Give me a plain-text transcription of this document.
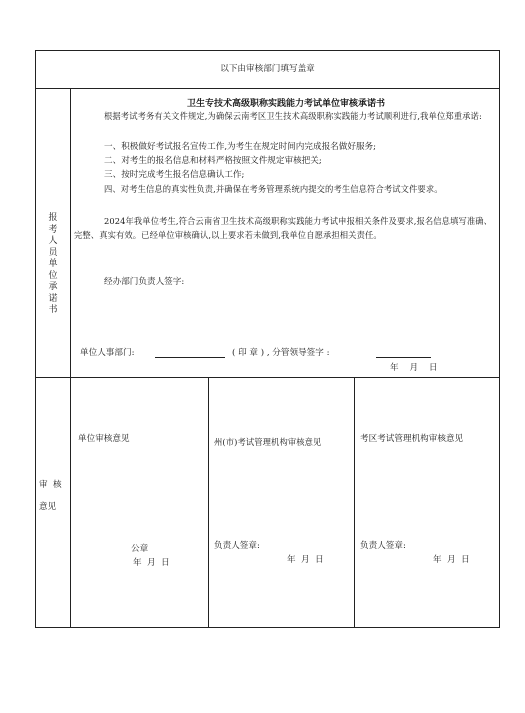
以下由审核部门填写盖章
报考人员单位承诺书
卫生专技术高级职称实践能力考试单位审核承诺书
根据考试考务有关文件规定,为确保云南考区卫生技术高级职称实践能力考试顺利进行,我单位郑重承诺:
一、积极做好考试报名宣传工作,为考生在规定时间内完成报名做好服务;
二、对考生的报名信息和材料严格按照文件规定审核把关;
三、按时完成考生报名信息确认工作;
四、对考生信息的真实性负责,并确保在考务管理系统内提交的考生信息符合考试文件要求。
2024年我单位考生,符合云南省卫生技术高级职称实践能力考试申报相关条件及要求,报名信息填写准确、完整、真实有效。已经单位审核确认,以上要求若未做到,我单位自愿承担相关责任。
经办部门负责人签字:
单位人事部门:	( 印 章 ) , 分管领导签字 :
年    月    日
审  核
意见
单位审核意见
公章
年  月  日
州(市)考试管理机构审核意见
负责人签章:
年  月  日
考区考试管理机构审核意见
负责人签章:
年  月  日
